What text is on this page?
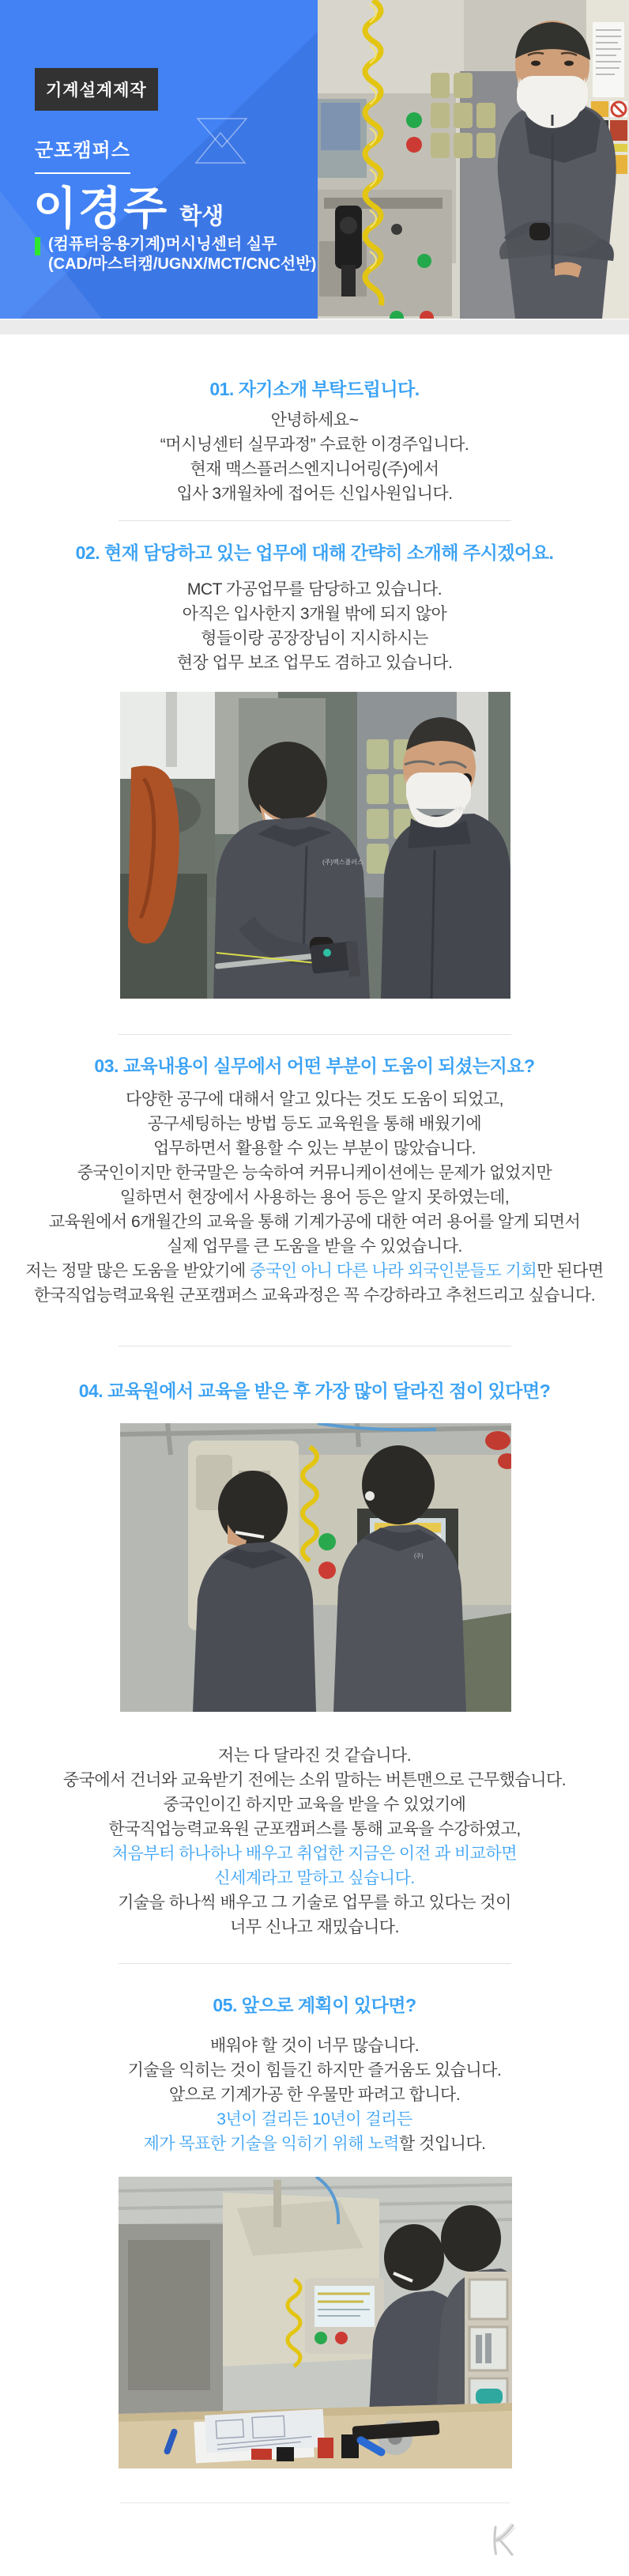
기계설계제작
군포캠퍼스
이경주 학생
(컴퓨터응용기계)머시닝센터 실무
(CAD/마스터캠/UGNX/MCT/CNC선반)
01. 자기소개 부탁드립니다.
안녕하세요~
“머시닝센터 실무과정” 수료한 이경주입니다.
현재 맥스플러스엔지니어링(주)에서
입사 3개월차에 접어든 신입사원입니다.
02. 현재 담당하고 있는 업무에 대해 간략히 소개해 주시겠어요.
MCT 가공업무를 담당하고 있습니다.
아직은 입사한지 3개월 밖에 되지 않아
형들이랑 공장장님이 지시하시는
현장 업무 보조 업무도 겸하고 있습니다.
(주)맥스플러스
(주)
03. 교육내용이 실무에서 어떤 부분이 도움이 되셨는지요?
다양한 공구에 대해서 알고 있다는 것도 도움이 되었고,
공구세팅하는 방법 등도 교육원을 통해 배웠기에
업무하면서 활용할 수 있는 부분이 많았습니다.
중국인이지만 한국말은 능숙하여 커뮤니케이션에는 문제가 없었지만
일하면서 현장에서 사용하는 용어 등은 알지 못하였는데,
교육원에서 6개월간의 교육을 통해 기계가공에 대한 여러 용어를 알게 되면서
실제 업무를 큰 도움을 받을 수 있었습니다.
저는 정말 많은 도움을 받았기에 중국인 아니 다른 나라 외국인분들도 기회만 된다면
한국직업능력교육원 군포캠퍼스 교육과정은 꼭 수강하라고 추천드리고 싶습니다.
04. 교육원에서 교육을 받은 후 가장 많이 달라진 점이 있다면?
(주)
저는 다 달라진 것 같습니다.
중국에서 건너와 교육받기 전에는 소위 말하는 버튼맨으로 근무했습니다.
중국인이긴 하지만 교육을 받을 수 있었기에
한국직업능력교육원 군포캠퍼스를 통해 교육을 수강하였고,
처음부터 하나하나 배우고 취업한 지금은 이전 과 비교하면
신세계라고 말하고 싶습니다.
기술을 하나씩 배우고 그 기술로 업무를 하고 있다는 것이
너무 신나고 재밌습니다.
05. 앞으로 계획이 있다면?
배워야 할 것이 너무 많습니다.
기술을 익히는 것이 힘들긴 하지만 즐거움도 있습니다.
앞으로 기계가공 한 우물만 파려고 합니다.
3년이 걸리든 10년이 걸리든
제가 목표한 기술을 익히기 위해 노력할 것입니다.
